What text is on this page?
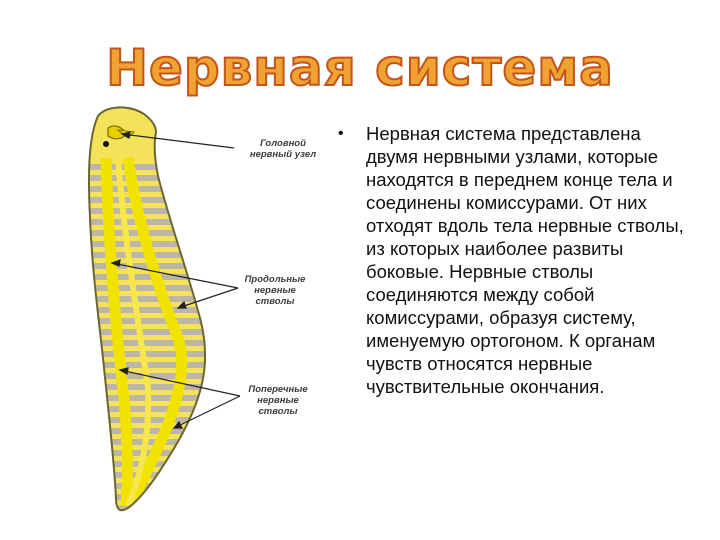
Нервная система
Головной
нервный узел
Продольные
нервные
стволы
Поперечные
нервные
стволы
• Нервная система представлена двумя нервными узлами, которые находятся в переднем конце тела и соединены комиссурами. От них отходят вдоль тела нервные стволы, из которых наиболее развиты боковые. Нервные стволы соединяются между собой комиссурами, образуя систему, именуемую ортогоном. К органам чувств относятся нервные чувствительные окончания.
